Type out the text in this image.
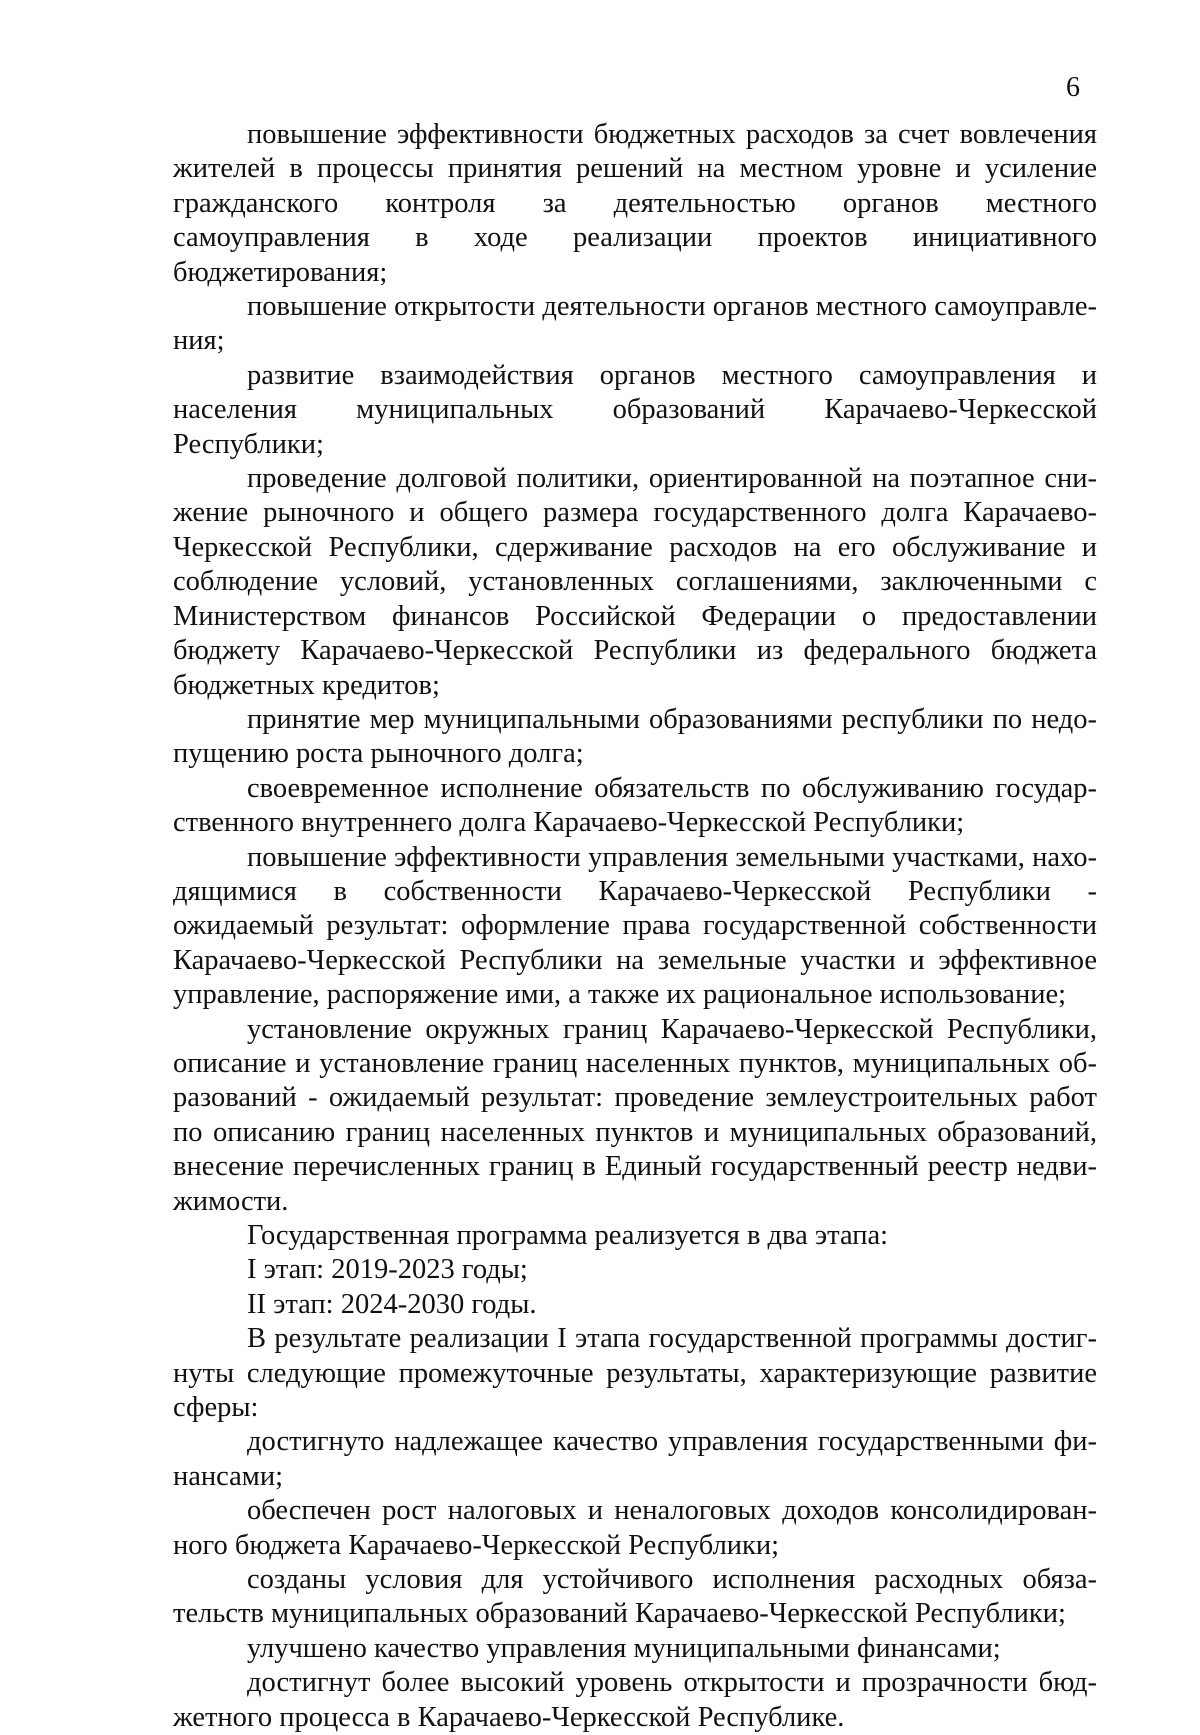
6

повышение эффективности бюджетных расходов за счет вовлечения жителей в процессы принятия решений на местном уровне и усиление гражданского контроля за деятельностью органов местного самоуправления в ходе реализации проектов инициативного бюджетирования;

повышение открытости деятельности органов местного самоуправления;

развитие взаимодействия органов местного самоуправления и населения муниципальных образований Карачаево-Черкесской Республики;

проведение долговой политики, ориентированной на поэтапное снижение рыночного и общего размера государственного долга Карачаево-Черкесской Республики, сдерживание расходов на его обслуживание и соблюдение условий, установленных соглашениями, заключенными с Министерством финансов Российской Федерации о предоставлении бюджету Карачаево-Черкесской Республики из федерального бюджета бюджетных кредитов;

принятие мер муниципальными образованиями республики по недопущению роста рыночного долга;

своевременное исполнение обязательств по обслуживанию государственного внутреннего долга Карачаево-Черкесской Республики;

повышение эффективности управления земельными участками, находящимися в собственности Карачаево-Черкесской Республики - ожидаемый результат: оформление права государственной собственности Карачаево-Черкесской Республики на земельные участки и эффективное управление, распоряжение ими, а также их рациональное использование;

установление окружных границ Карачаево-Черкесской Республики, описание и установление границ населенных пунктов, муниципальных образований - ожидаемый результат: проведение землеустроительных работ по описанию границ населенных пунктов и муниципальных образований, внесение перечисленных границ в Единый государственный реестр недвижимости.

Государственная программа реализуется в два этапа:

I этап: 2019-2023 годы;

II этап: 2024-2030 годы.

В результате реализации I этапа государственной программы достигнуты следующие промежуточные результаты, характеризующие развитие сферы:

достигнуто надлежащее качество управления государственными финансами;

обеспечен рост налоговых и неналоговых доходов консолидированного бюджета Карачаево-Черкесской Республики;

созданы условия для устойчивого исполнения расходных обязательств муниципальных образований Карачаево-Черкесской Республики;

улучшено качество управления муниципальными финансами;

достигнут более высокий уровень открытости и прозрачности бюджетного процесса в Карачаево-Черкесской Республике.
